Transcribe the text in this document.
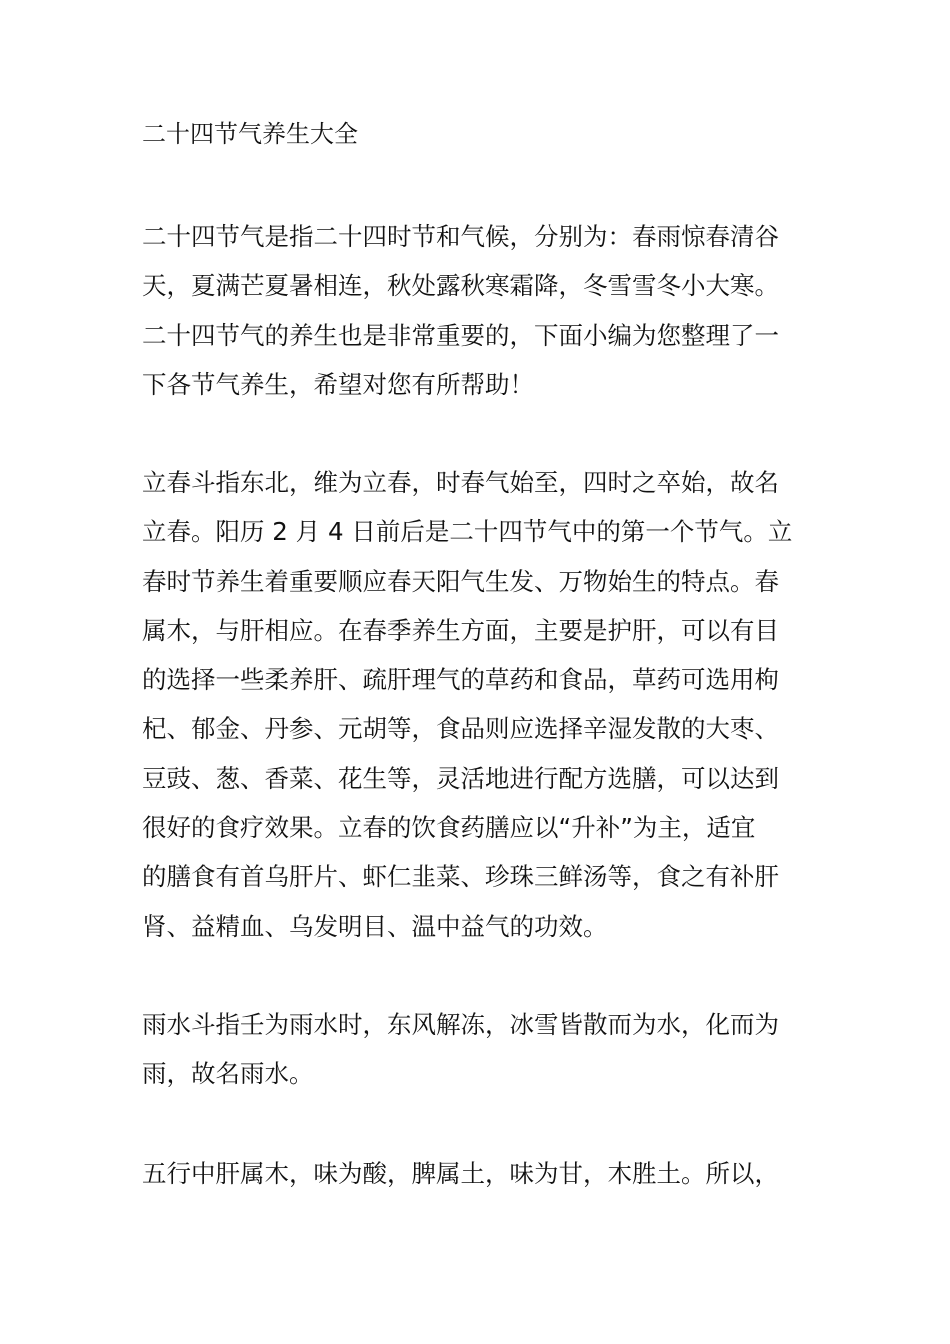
二十四节气养生大全
二十四节气是指二十四时节和气候，分别为：春雨惊春清谷
天，夏满芒夏暑相连，秋处露秋寒霜降，冬雪雪冬小大寒。
二十四节气的养生也是非常重要的，下面小编为您整理了一
下各节气养生，希望对您有所帮助！
立春斗指东北，维为立春，时春气始至，四时之卒始，故名
立春。阳历 2 月 4 日前后是二十四节气中的第一个节气。立
春时节养生着重要顺应春天阳气生发、万物始生的特点。春
属木，与肝相应。在春季养生方面，主要是护肝，可以有目
的选择一些柔养肝、疏肝理气的草药和食品，草药可选用枸
杞、郁金、丹参、元胡等，食品则应选择辛湿发散的大枣、
豆豉、葱、香菜、花生等，灵活地进行配方选膳，可以达到
很好的食疗效果。立春的饮食药膳应以“升补”为主，适宜
的膳食有首乌肝片、虾仁韭菜、珍珠三鲜汤等，食之有补肝
肾、益精血、乌发明目、温中益气的功效。
雨水斗指壬为雨水时，东风解冻，冰雪皆散而为水，化而为
雨，故名雨水。
五行中肝属木，味为酸，脾属土，味为甘，木胜土。所以，
